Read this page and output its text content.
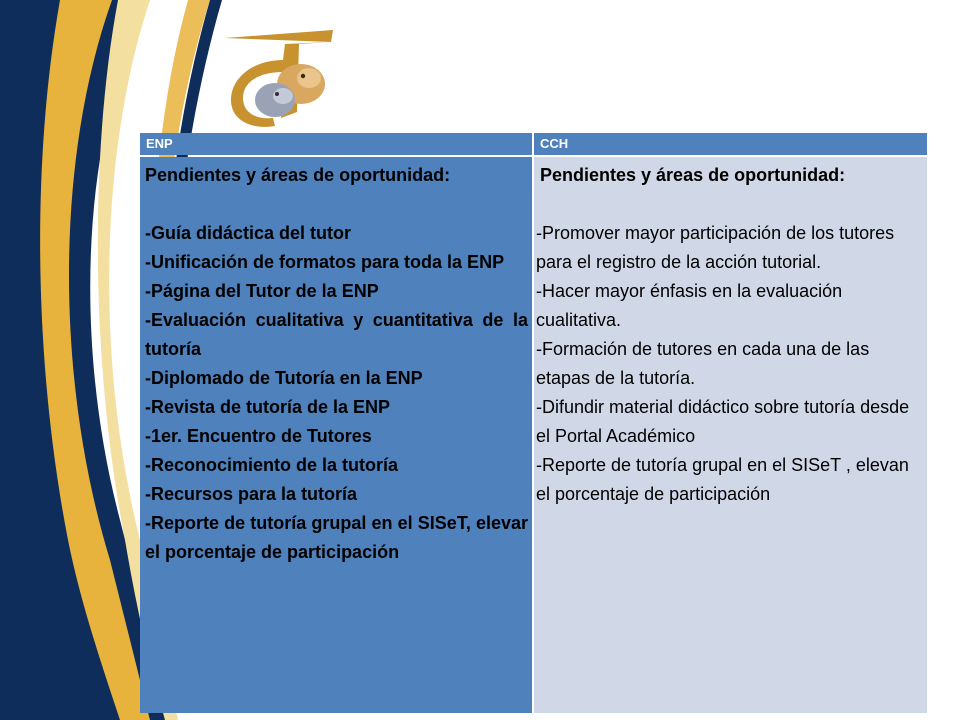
ENP	CCH

Pendientes y áreas de oportunidad:

-Guía didáctica del tutor
-Unificación de formatos para toda la ENP
-Página del Tutor de la ENP
-Evaluación cualitativa y cuantitativa de la tutoría
-Diplomado de Tutoría en la ENP
-Revista de tutoría de la ENP
-1er. Encuentro de Tutores
-Reconocimiento de la tutoría
-Recursos para la tutoría
-Reporte de tutoría grupal en el SISeT, elevar el porcentaje de participación

Pendientes y áreas de oportunidad:

-Promover mayor participación de los tutores para el registro de la acción tutorial.
-Hacer mayor énfasis en la evaluación cualitativa.
-Formación de tutores en cada una de las etapas de la tutoría.
-Difundir material didáctico sobre tutoría desde el Portal Académico
-Reporte de tutoría grupal en el SISeT , elevan el porcentaje de participación
